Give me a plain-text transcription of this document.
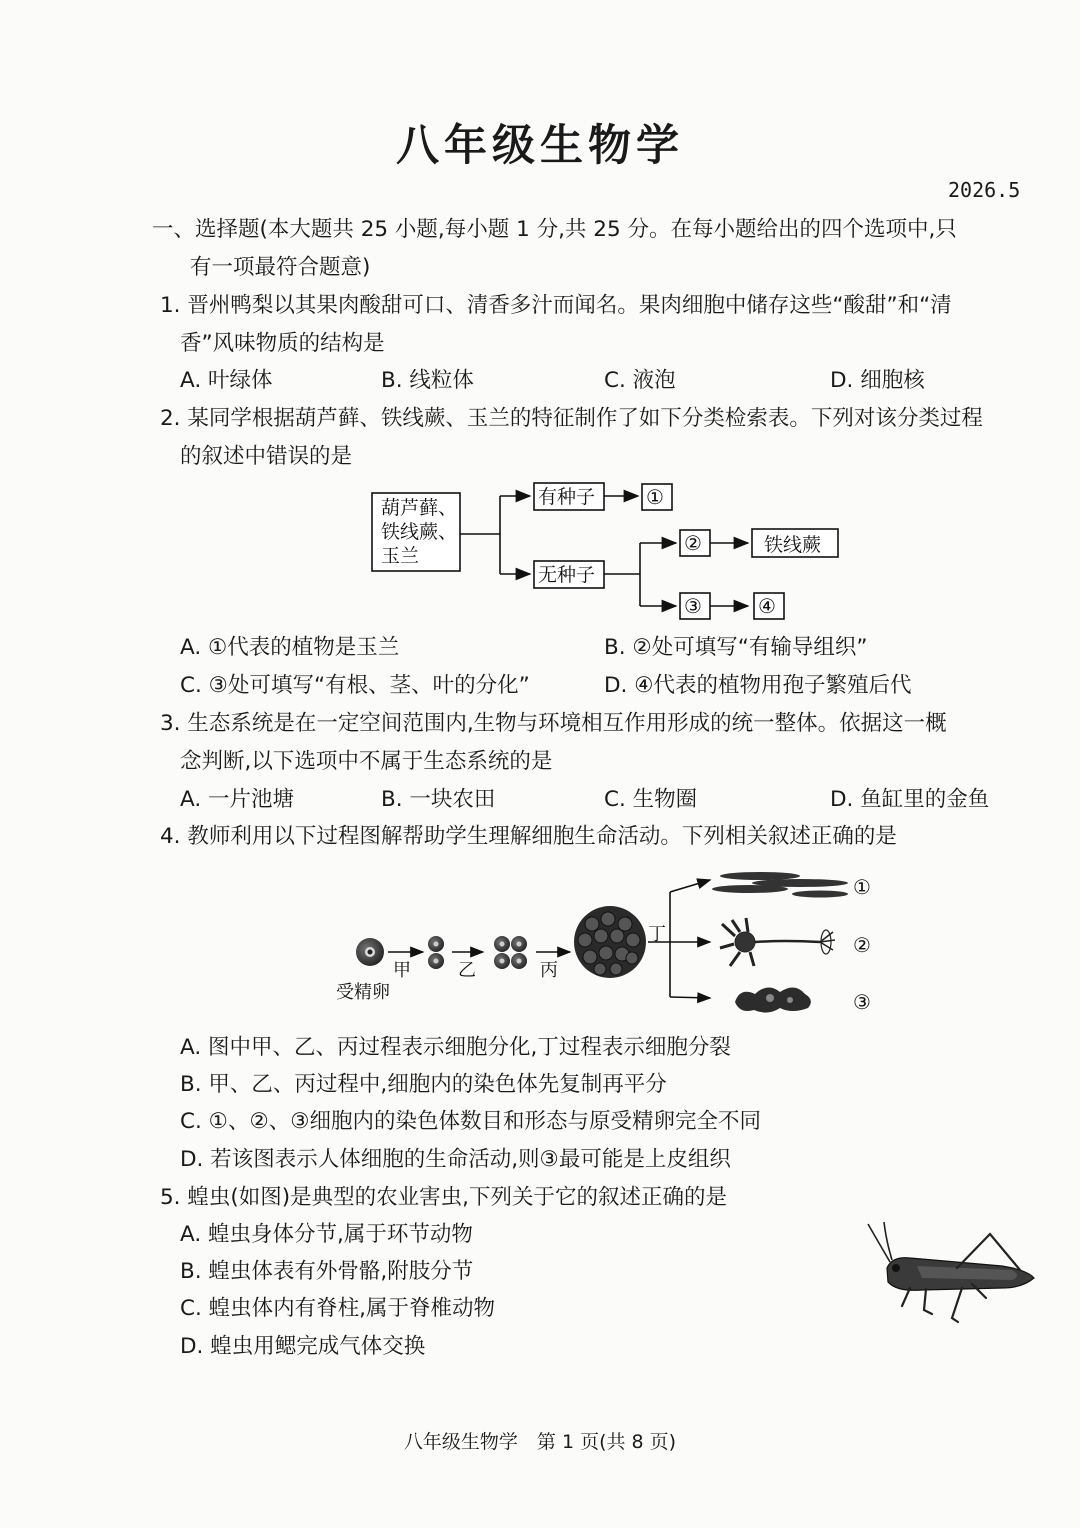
八年级生物学
2026.5
一、选择题(本大题共 25 小题,每小题 1 分,共 25 分。在每小题给出的四个选项中,只
有一项最符合题意)
1. 晋州鸭梨以其果肉酸甜可口、清香多汁而闻名。果肉细胞中储存这些“酸甜”和“清
香”风味物质的结构是
A. 叶绿体	B. 线粒体	C. 液泡	D. 细胞核
2. 某同学根据葫芦藓、铁线蕨、玉兰的特征制作了如下分类检索表。下列对该分类过程
的叙述中错误的是
葫芦藓、
铁线蕨、
玉兰
有种子	①
无种子
②	铁线蕨
③	④
A. ①代表的植物是玉兰	B. ②处可填写“有输导组织”
C. ③处可填写“有根、茎、叶的分化”	D. ④代表的植物用孢子繁殖后代
3. 生态系统是在一定空间范围内,生物与环境相互作用形成的统一整体。依据这一概
念判断,以下选项中不属于生态系统的是
A. 一片池塘	B. 一块农田	C. 生物圈	D. 鱼缸里的金鱼
4. 教师利用以下过程图解帮助学生理解细胞生命活动。下列相关叙述正确的是
受精卵
甲	乙	丙
丁
①
②
③
A. 图中甲、乙、丙过程表示细胞分化,丁过程表示细胞分裂
B. 甲、乙、丙过程中,细胞内的染色体先复制再平分
C. ①、②、③细胞内的染色体数目和形态与原受精卵完全不同
D. 若该图表示人体细胞的生命活动,则③最可能是上皮组织
5. 蝗虫(如图)是典型的农业害虫,下列关于它的叙述正确的是
A. 蝗虫身体分节,属于环节动物
B. 蝗虫体表有外骨骼,附肢分节
C. 蝗虫体内有脊柱,属于脊椎动物
D. 蝗虫用鳃完成气体交换
八年级生物学　第 1 页(共 8 页)
